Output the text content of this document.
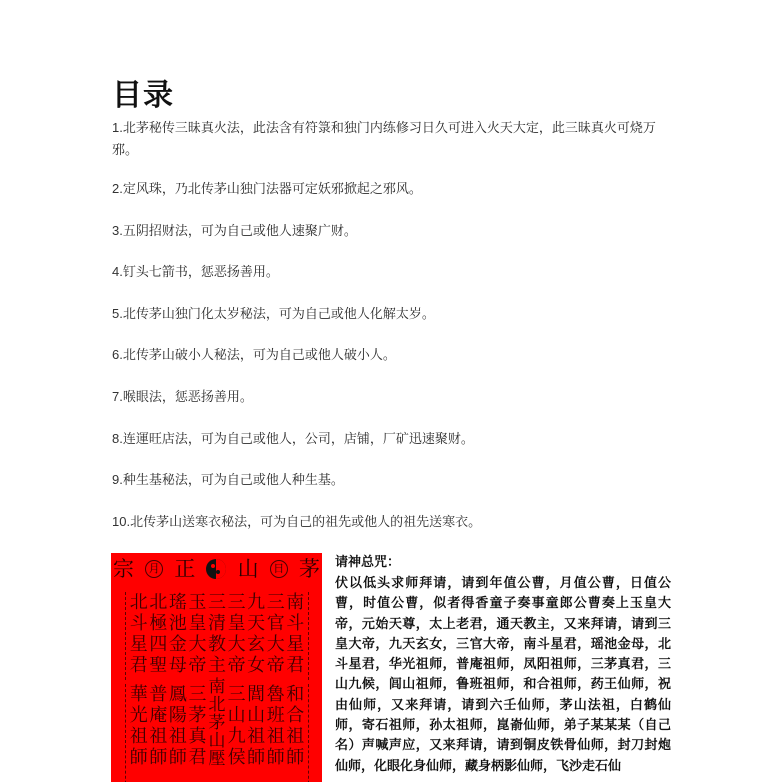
目录
1.北茅秘传三昧真火法，此法含有符箓和独门内练修习日久可进入火天大定，此三昧真火可烧万邪。
2.定风珠，乃北传茅山独门法器可定妖邪掀起之邪风。
3.五阴招财法，可为自己或他人速聚广财。
4.钉头七箭书，惩恶扬善用。
5.北传茅山独门化太岁秘法，可为自己或他人化解太岁。
6.北传茅山破小人秘法，可为自己或他人破小人。
7.喉眼法，惩恶扬善用。
8.连運旺店法，可为自己或他人，公司，店铺，厂矿迅速聚财。
9.种生基秘法，可为自己或他人种生基。
10.北传茅山送寒衣秘法，可为自己的祖先或他人的祖先送寒衣。
宗	月 正 山	日 茅
北
斗
星
君
北
極
四
聖
瑤
池
金
母
玉
皇
大
帝
三
清
教
主
三
皇
大
帝
九
天
玄
女
三
官
大
帝
南
斗
星
君
華
光
祖
師
普
庵
祖
師
鳳
陽
祖
師
三
茅
真
君
南
北
茅
山
壓
三
山
九
侯
閭
山
祖
師
魯
班
祖
師
和
合
祖
師

请神总咒：

伏以低头求师拜请，请到年值公曹，月值公曹，日值公曹，时值公曹，似者得香童子奏事童郎公曹奏上玉皇大帝，元始天尊，太上老君，通天教主，又来拜请，请到三皇大帝，九天玄女，三官大帝，南斗星君，瑶池金母，北斗星君，华光祖师，普庵祖师，凤阳祖师，三茅真君，三山九候，闾山祖师，鲁班祖师，和合祖师，药王仙师，祝由仙师，又来拜请，请到六壬仙师，茅山法祖，白鹤仙师，寄石祖师，孙太祖师，崑嵛仙师，弟子某某某（自己名）声喊声应，又来拜请，请到铜皮铁骨仙师，封刀封炮仙师，化眼化身仙师，藏身柄影仙师，飞沙走石仙
